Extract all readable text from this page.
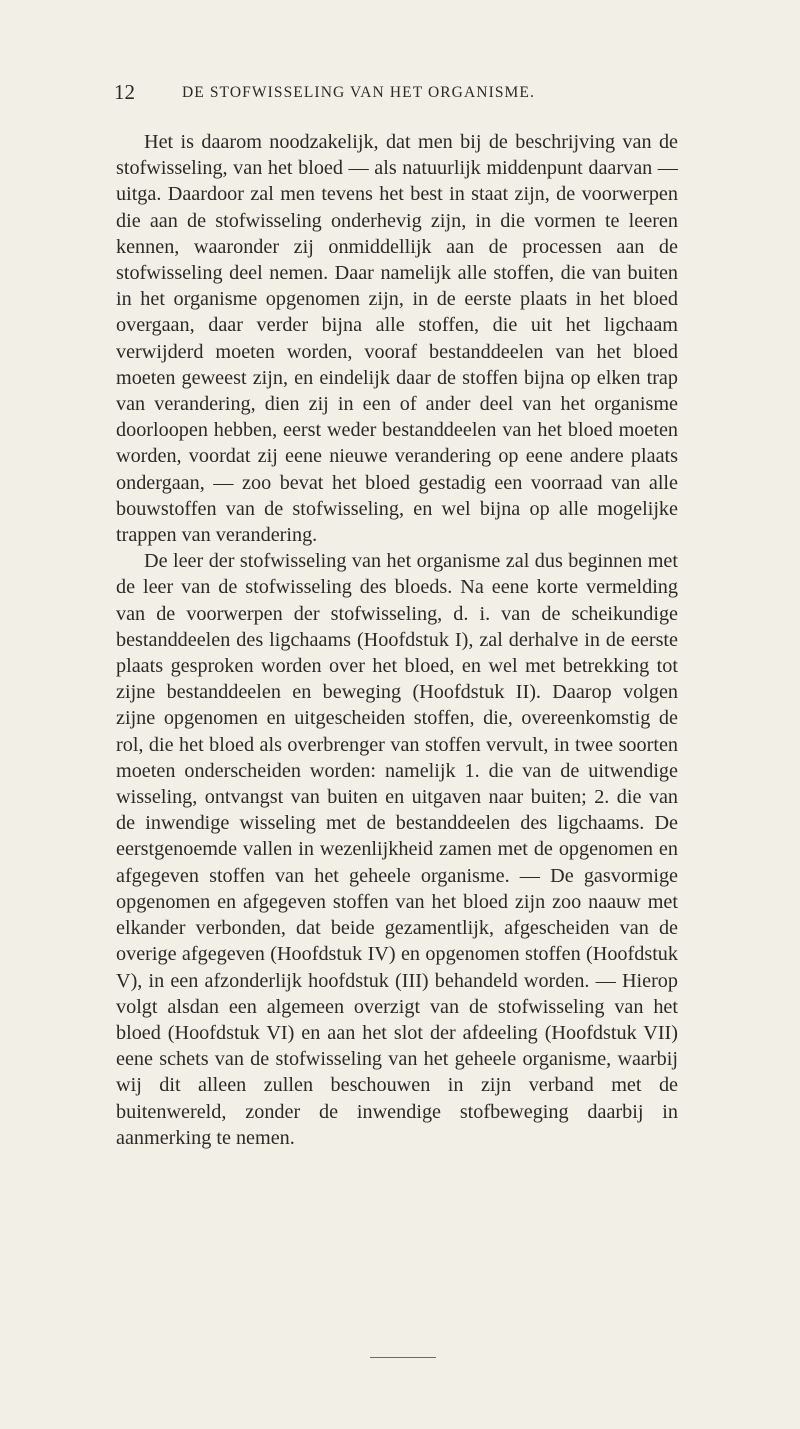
12	DE STOFWISSELING VAN HET ORGANISME.

Het is daarom noodzakelijk, dat men bij de beschrijving van de stofwisseling, van het bloed — als natuurlijk middenpunt daarvan — uitga. Daardoor zal men tevens het best in staat zijn, de voorwerpen die aan de stofwisseling onderhevig zijn, in die vormen te leeren kennen, waaronder zij onmiddellijk aan de processen aan de stofwisseling deel nemen. Daar namelijk alle stoffen, die van buiten in het organisme opgenomen zijn, in de eerste plaats in het bloed overgaan, daar verder bijna alle stoffen, die uit het ligchaam verwijderd moeten worden, vooraf bestanddeelen van het bloed moeten geweest zijn, en eindelijk daar de stoffen bijna op elken trap van verandering, dien zij in een of ander deel van het organisme doorloopen hebben, eerst weder bestanddeelen van het bloed moeten worden, voordat zij eene nieuwe verandering op eene andere plaats ondergaan, — zoo bevat het bloed gestadig een voorraad van alle bouwstoffen van de stofwisseling, en wel bijna op alle mogelijke trappen van verandering.

De leer der stofwisseling van het organisme zal dus beginnen met de leer van de stofwisseling des bloeds. Na eene korte vermelding van de voorwerpen der stofwisseling, d. i. van de scheikundige bestanddeelen des ligchaams (Hoofdstuk I), zal derhalve in de eerste plaats gesproken worden over het bloed, en wel met betrekking tot zijne bestanddeelen en beweging (Hoofdstuk II). Daarop volgen zijne opgenomen en uitgescheiden stoffen, die, overeenkomstig de rol, die het bloed als overbrenger van stoffen vervult, in twee soorten moeten onderscheiden worden: namelijk 1. die van de uitwendige wisseling, ontvangst van buiten en uitgaven naar buiten; 2. die van de inwendige wisseling met de bestanddeelen des ligchaams. De eerstgenoemde vallen in wezenlijkheid zamen met de opgenomen en afgegeven stoffen van het geheele organisme. — De gasvormige opgenomen en afgegeven stoffen van het bloed zijn zoo naauw met elkander verbonden, dat beide gezamentlijk, afgescheiden van de overige afgegeven (Hoofdstuk IV) en opgenomen stoffen (Hoofdstuk V), in een afzonderlijk hoofdstuk (III) behandeld worden. — Hierop volgt alsdan een algemeen overzigt van de stofwisseling van het bloed (Hoofdstuk VI) en aan het slot der afdeeling (Hoofdstuk VII) eene schets van de stofwisseling van het geheele organisme, waarbij wij dit alleen zullen beschouwen in zijn verband met de buitenwereld, zonder de inwendige stofbeweging daarbij in aanmerking te nemen.
